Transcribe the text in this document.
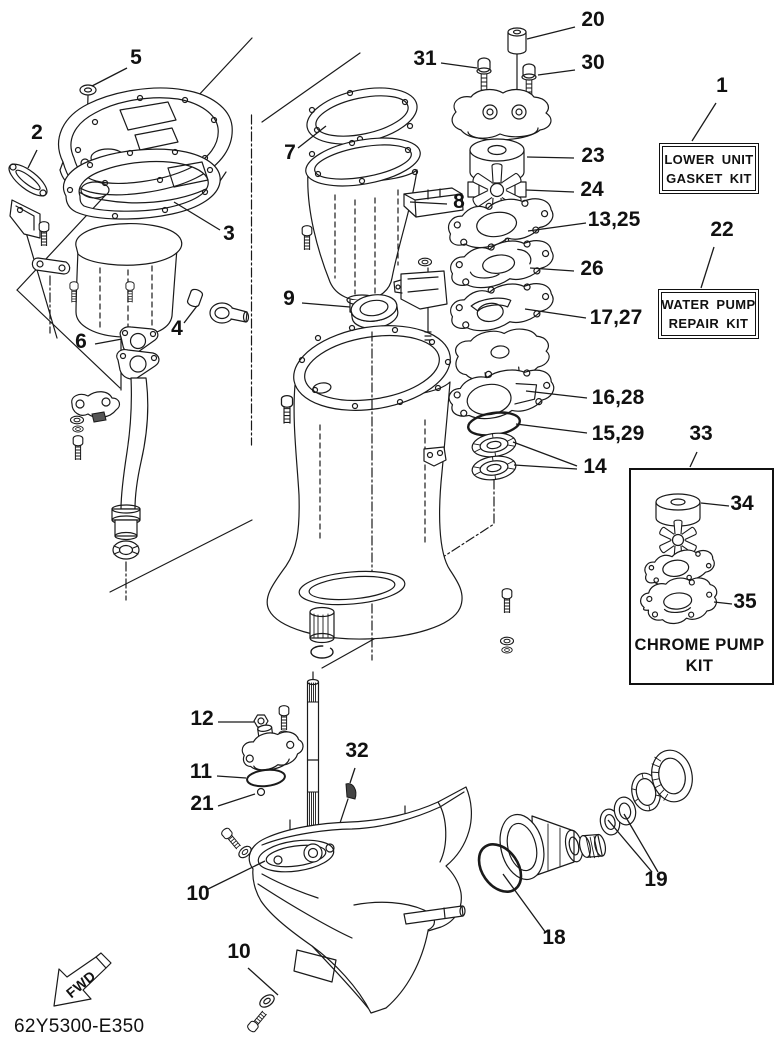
FWD
5
2
3
7
4
6
9
8
20
31	30
1
23
24
13,25	22
26
17,27
16,28
15,29 33
14
34
35
12
11
32
21
10
10
19
18
LOWER UNIT
GASKET KIT
WATER PUMP
REPAIR KIT
CHROME PUMP
KIT
62Y5300-E350
